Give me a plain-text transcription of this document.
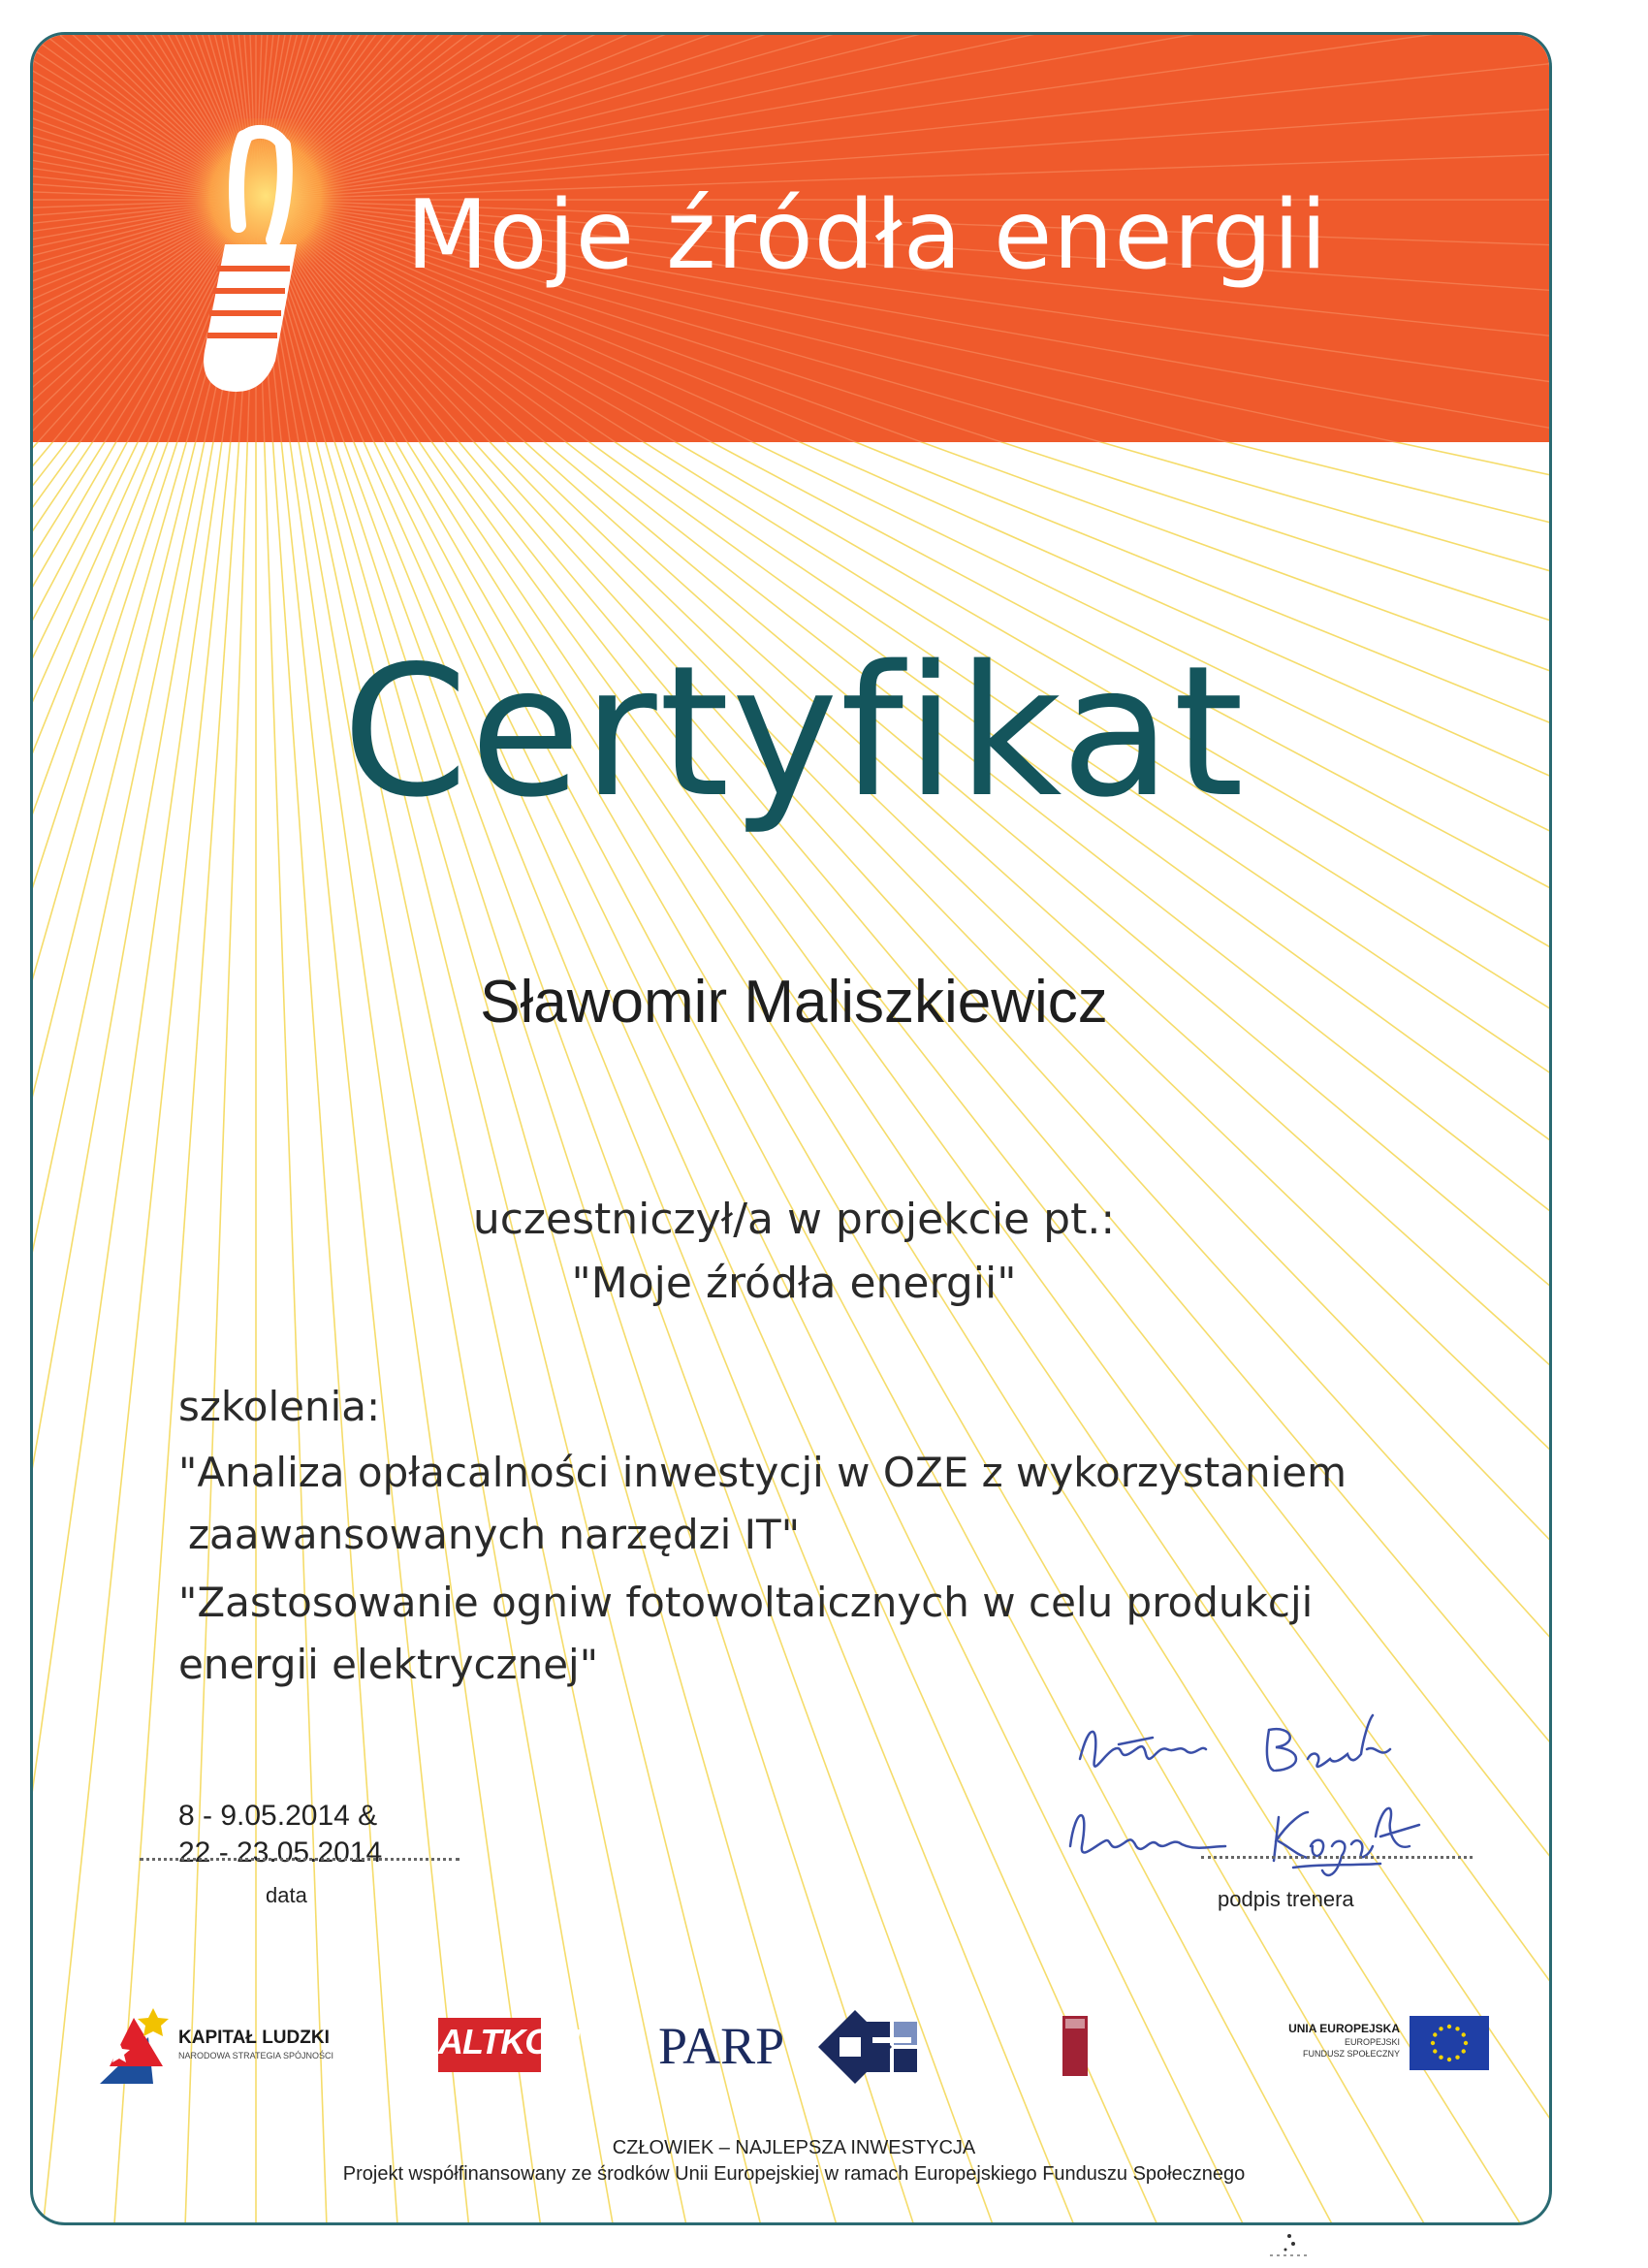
Moje źródła energii
Certyfikat
Sławomir Maliszkiewicz
uczestniczył/a w projekcie pt.:
"Moje źródła energii"
szkolenia:
"Analiza opłacalności inwestycji w OZE z wykorzystaniem
zaawansowanych narzędzi IT"
"Zastosowanie ogniw fotowoltaicznych w celu produkcji
energii elektrycznej"
8 - 9.05.2014 &
22 - 23.05.2014
data	podpis trenera
KAPITAŁ LUDZKI
NARODOWA STRATEGIA SPÓJNOŚCI	ALTKOM PARP	UNIA EUROPEJSKA
EUROPEJSKI
FUNDUSZ SPOŁECZNY
CZŁOWIEK – NAJLEPSZA INWESTYCJA
Projekt współfinansowany ze środków Unii Europejskiej w ramach Europejskiego Funduszu Społecznego
